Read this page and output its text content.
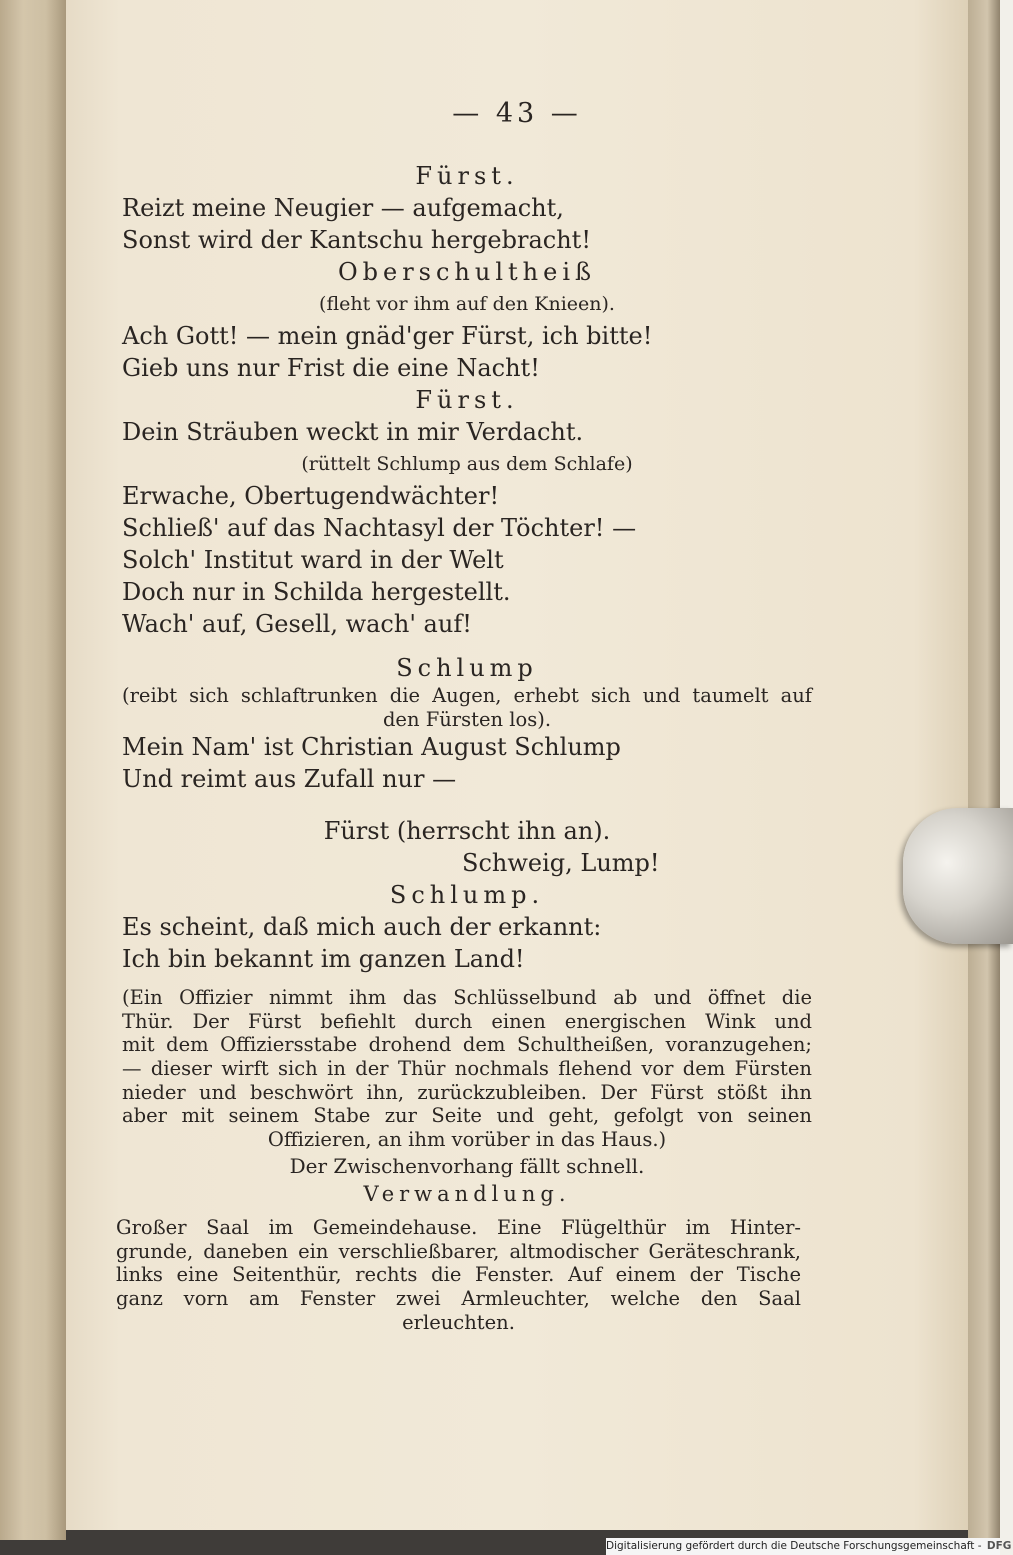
— 43 —
Fürst.
Reizt meine Neugier — aufgemacht,
Sonst wird der Kantschu hergebracht!
Oberschultheiß
(fleht vor ihm auf den Knieen).
Ach Gott! — mein gnäd'ger Fürst, ich bitte!
Gieb uns nur Frist die eine Nacht!
Fürst.
Dein Sträuben weckt in mir Verdacht.
(rüttelt Schlump aus dem Schlafe)
Erwache, Obertugendwächter!
Schließ' auf das Nachtasyl der Töchter! —
Solch' Institut ward in der Welt
Doch nur in Schilda hergestellt.
Wach' auf, Gesell, wach' auf!
Schlump
(reibt sich schlaftrunken die Augen, erhebt sich und taumelt auf
den Fürsten los).
Mein Nam' ist Christian August Schlump
Und reimt aus Zufall nur —
Fürst (herrscht ihn an).
Schweig, Lump!
Schlump.
Es scheint, daß mich auch der erkannt:
Ich bin bekannt im ganzen Land!
(Ein Offizier nimmt ihm das Schlüsselbund ab und öffnet die
Thür. Der Fürst befiehlt durch einen energischen Wink und
mit dem Offiziersstabe drohend dem Schultheißen, voranzugehen;
— dieser wirft sich in der Thür nochmals flehend vor dem Fürsten
nieder und beschwört ihn, zurückzubleiben. Der Fürst stößt ihn
aber mit seinem Stabe zur Seite und geht, gefolgt von seinen
Offizieren, an ihm vorüber in das Haus.)
Der Zwischenvorhang fällt schnell.
Verwandlung.
Großer Saal im Gemeindehause. Eine Flügelthür im Hinter-
grunde, daneben ein verschließbarer, altmodischer Geräteschrank,
links eine Seitenthür, rechts die Fenster. Auf einem der Tische
ganz vorn am Fenster zwei Armleuchter, welche den Saal
erleuchten.
Digitalisierung gefördert durch die Deutsche Forschungsgemeinschaft - DFG
